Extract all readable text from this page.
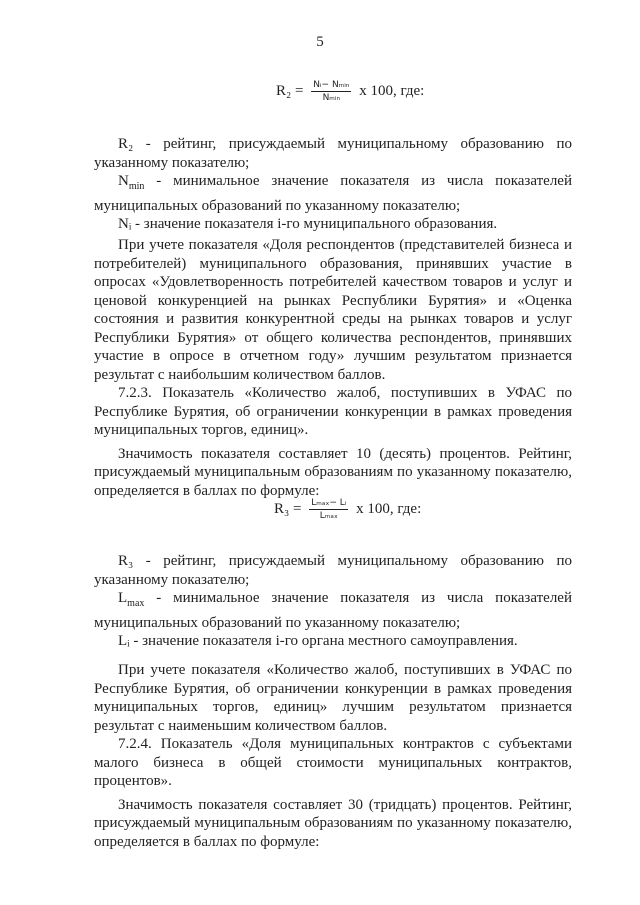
5
$R_2 = \frac{\text{Nᵢ− Nₘᵢₙ}}{\text{Nₘᵢₙ}}$ x 100, где:

R₂ - рейтинг, присуждаемый муниципальному образованию по указанному показателю;

$N_{min}$ - минимальное значение показателя из числа показателей муниципальных образований по указанному показателю;

Nᵢ - значение показателя i-го муниципального образования.

При учете показателя «Доля респондентов (представителей бизнеса и потребителей) муниципального образования, принявших участие в опросах «Удовлетворенность потребителей качеством товаров и услуг и ценовой конкуренцией на рынках Республики Бурятия» и «Оценка состояния и развития конкурентной среды на рынках товаров и услуг Республики Бурятия» от общего количества респондентов, принявших участие в опросе в отчетном году» лучшим результатом признается результат с наибольшим количеством баллов.

7.2.3. Показатель «Количество жалоб, поступивших в УФАС по Республике Бурятия, об ограничении конкуренции в рамках проведения муниципальных торгов, единиц».

Значимость показателя составляет 10 (десять) процентов. Рейтинг, присуждаемый муниципальным образованиям по указанному показателю, определяется в баллах по формуле:

$R_3 = \frac{\text{Lₘₐₓ− Lᵢ}}{\text{Lₘₐₓ}}$ x 100, где:

R₃ - рейтинг, присуждаемый муниципальному образованию по указанному показателю;

$L_{max}$ - минимальное значение показателя из числа показателей муниципальных образований по указанному показателю;

Lᵢ - значение показателя i-го органа местного самоуправления.

При учете показателя «Количество жалоб, поступивших в УФАС по Республике Бурятия, об ограничении конкуренции в рамках проведения муниципальных торгов, единиц» лучшим результатом признается результат с наименьшим количеством баллов.

7.2.4. Показатель «Доля муниципальных контрактов с субъектами малого бизнеса в общей стоимости муниципальных контрактов, процентов».

Значимость показателя составляет 30 (тридцать) процентов. Рейтинг, присуждаемый муниципальным образованиям по указанному показателю, определяется в баллах по формуле:
